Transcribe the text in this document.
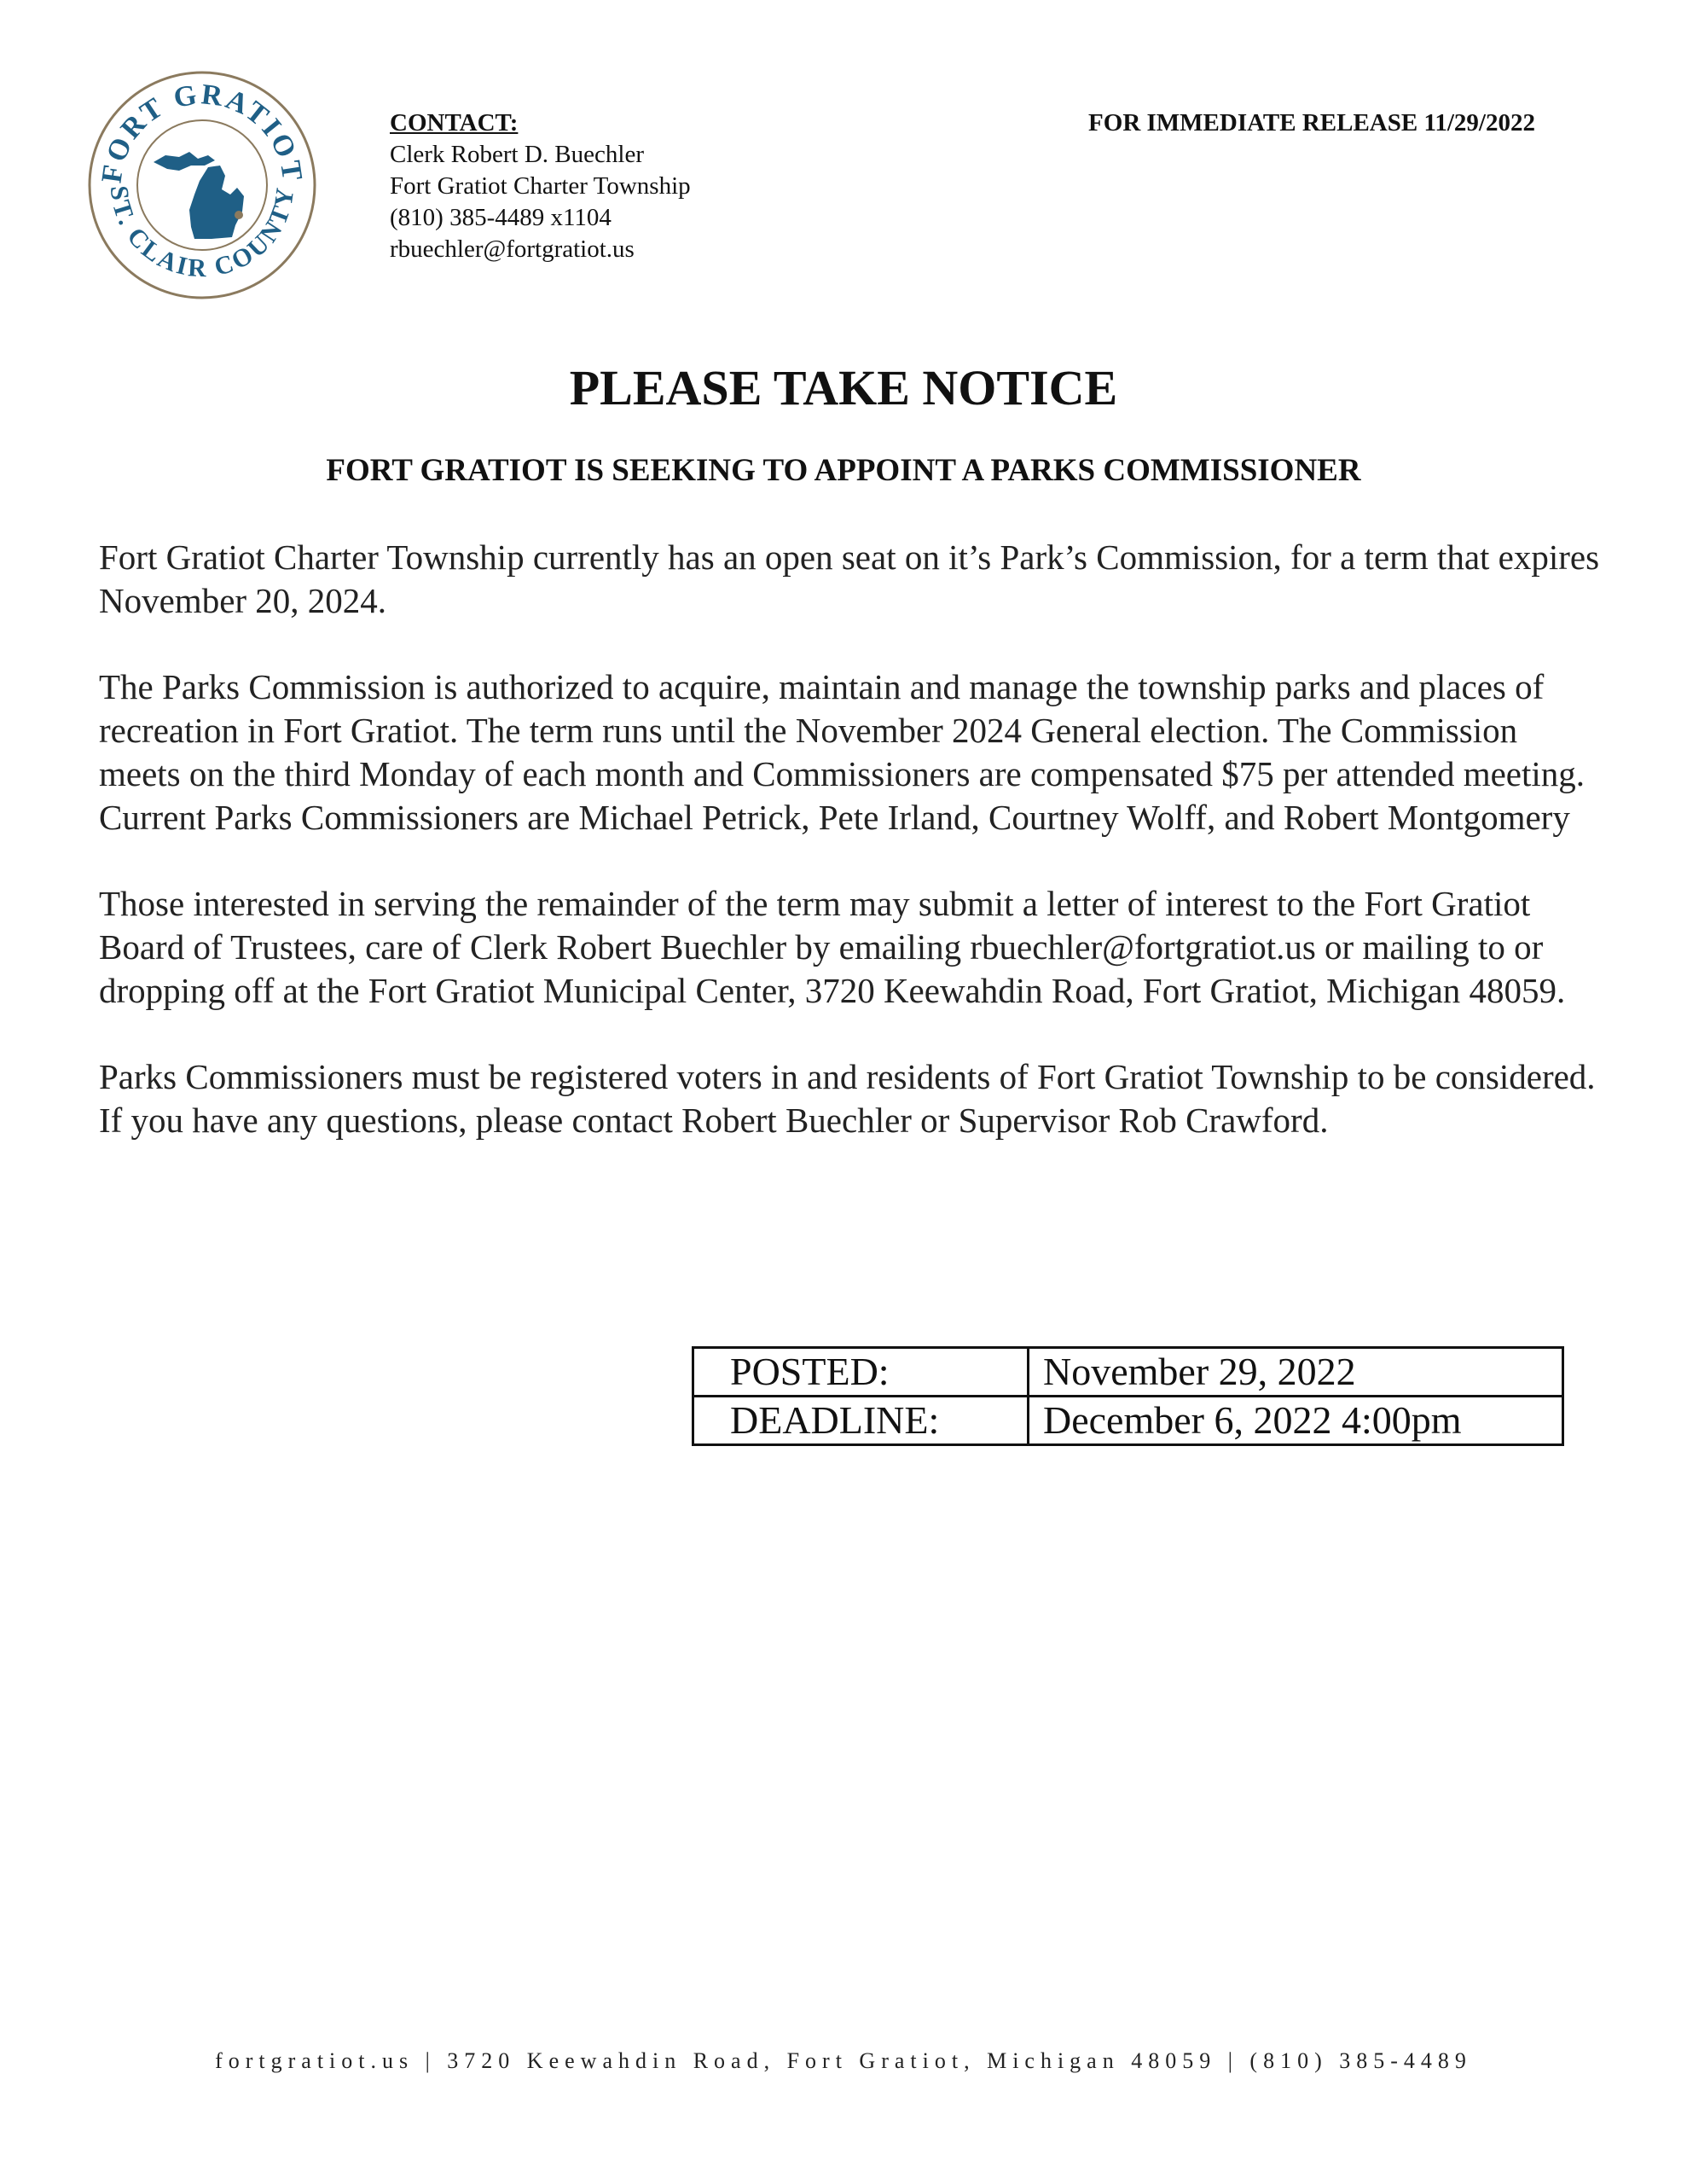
FORT GRATIOT
ST. CLAIR COUNTY
CONTACT:
Clerk Robert D. Buechler
Fort Gratiot Charter Township
(810) 385-4489 x1104
rbuechler@fortgratiot.us
FOR IMMEDIATE RELEASE 11/29/2022
PLEASE TAKE NOTICE
FORT GRATIOT IS SEEKING TO APPOINT A PARKS COMMISSIONER

Fort Gratiot Charter Township currently has an open seat on it’s Park’s Commission, for a term that expires November 20, 2024.

The Parks Commission is authorized to acquire, maintain and manage the township parks and places of recreation in Fort Gratiot. The term runs until the November 2024 General election. The Commission meets on the third Monday of each month and Commissioners are compensated $75 per attended meeting. Current Parks Commissioners are Michael Petrick, Pete Irland, Courtney Wolff, and Robert Montgomery

Those interested in serving the remainder of the term may submit a letter of interest to the Fort Gratiot Board of Trustees, care of Clerk Robert Buechler by emailing rbuechler@fortgratiot.us or mailing to or dropping off at the Fort Gratiot Municipal Center, 3720 Keewahdin Road, Fort Gratiot, Michigan 48059.

Parks Commissioners must be registered voters in and residents of Fort Gratiot Township to be considered. If you have any questions, please contact Robert Buechler or Supervisor Rob Crawford.

POSTED:	November 29, 2022
DEADLINE:	December 6, 2022 4:00pm
fortgratiot.us | 3720 Keewahdin Road, Fort Gratiot, Michigan 48059 | (810) 385-4489
